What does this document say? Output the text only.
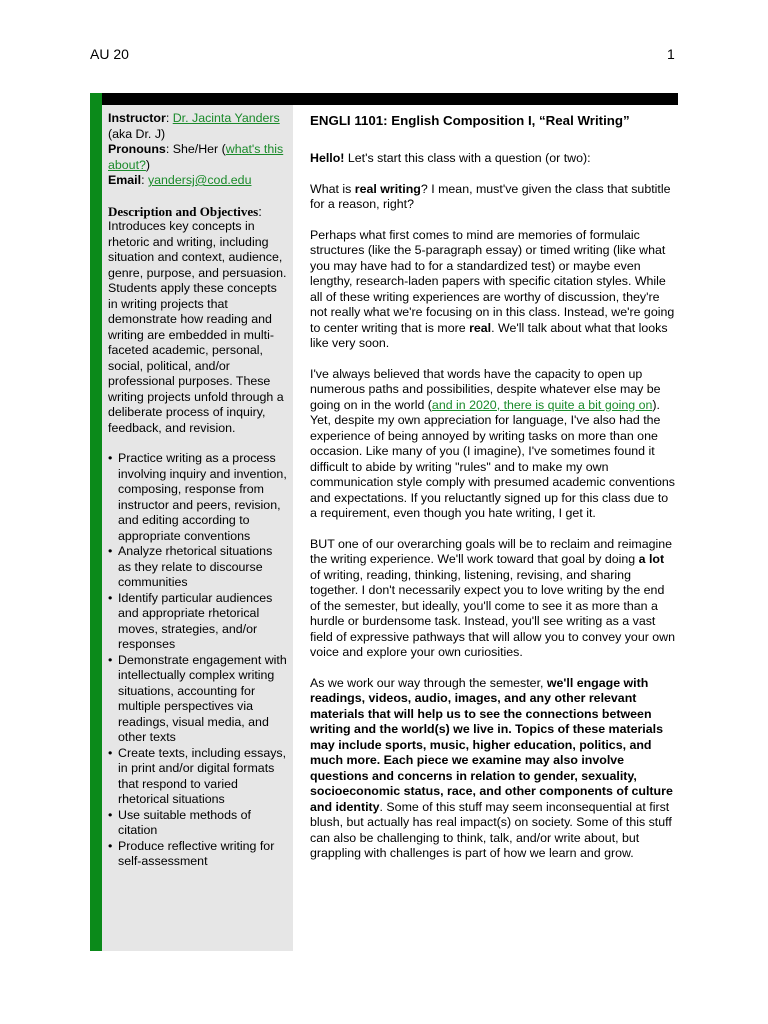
AU 20	1

Instructor: Dr. Jacinta Yanders (aka Dr. J)

Pronouns: She/Her (what's this about?)

Email: yandersj@cod.edu

Description and Objectives:

Introduces key concepts in rhetoric and writing, including situation and context, audience, genre, purpose, and persuasion. Students apply these concepts in writing projects that demonstrate how reading and writing are embedded in multi-faceted academic, personal, social, political, and/or professional purposes. These writing projects unfold through a deliberate process of inquiry, feedback, and revision.

• Practice writing as a process involving inquiry and invention, composing, response from instructor and peers, revision, and editing according to appropriate conventions
• Analyze rhetorical situations as they relate to discourse communities
• Identify particular audiences and appropriate rhetorical moves, strategies, and/or responses
• Demonstrate engagement with intellectually complex writing situations, accounting for multiple perspectives via readings, visual media, and other texts
• Create texts, including essays, in print and/or digital formats that respond to varied rhetorical situations
• Use suitable methods of citation
• Produce reflective writing for self-assessment
ENGLI 1101: English Composition I, “Real Writing”

Hello! Let's start this class with a question (or two):

What is real writing? I mean, must've given the class that subtitle for a reason, right?

Perhaps what first comes to mind are memories of formulaic structures (like the 5-paragraph essay) or timed writing (like what you may have had to for a standardized test) or maybe even lengthy, research-laden papers with specific citation styles. While all of these writing experiences are worthy of discussion, they're not really what we're focusing on in this class. Instead, we're going to center writing that is more real. We'll talk about what that looks like very soon.

I've always believed that words have the capacity to open up numerous paths and possibilities, despite whatever else may be going on in the world (and in 2020, there is quite a bit going on). Yet, despite my own appreciation for language, I've also had the experience of being annoyed by writing tasks on more than one occasion. Like many of you (I imagine), I've sometimes found it difficult to abide by writing "rules" and to make my own communication style comply with presumed academic conventions and expectations. If you reluctantly signed up for this class due to a requirement, even though you hate writing, I get it.

BUT one of our overarching goals will be to reclaim and reimagine the writing experience. We'll work toward that goal by doing a lot of writing, reading, thinking, listening, revising, and sharing together. I don't necessarily expect you to love writing by the end of the semester, but ideally, you'll come to see it as more than a hurdle or burdensome task. Instead, you'll see writing as a vast field of expressive pathways that will allow you to convey your own voice and explore your own curiosities.

As we work our way through the semester, we'll engage with readings, videos, audio, images, and any other relevant materials that will help us to see the connections between writing and the world(s) we live in. Topics of these materials may include sports, music, higher education, politics, and much more. Each piece we examine may also involve questions and concerns in relation to gender, sexuality, socioeconomic status, race, and other components of culture and identity. Some of this stuff may seem inconsequential at first blush, but actually has real impact(s) on society. Some of this stuff can also be challenging to think, talk, and/or write about, but grappling with challenges is part of how we learn and grow.
